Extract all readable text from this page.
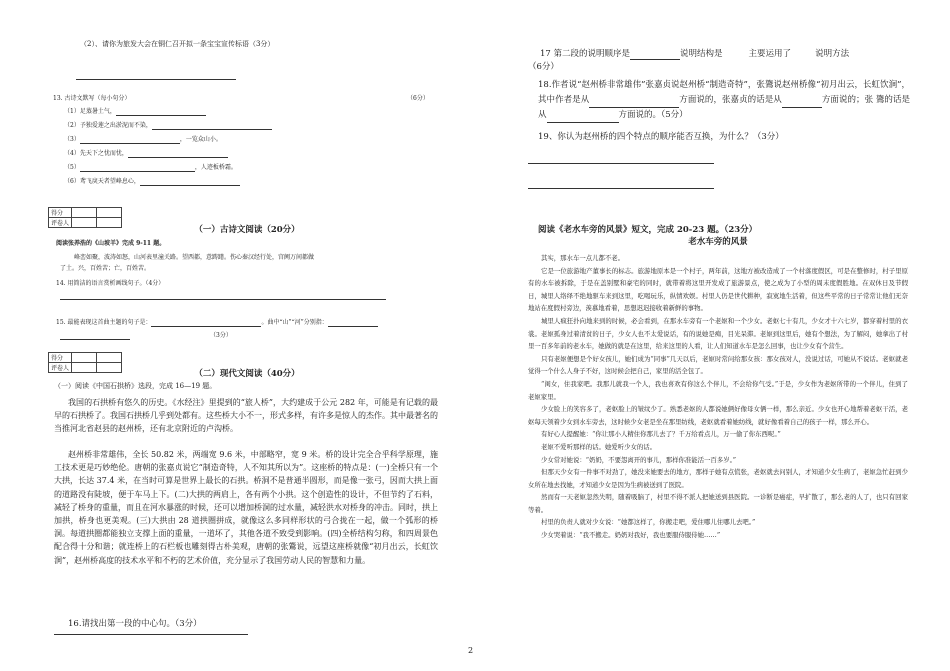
（2）、请你为旅发大会在铜仁召开拟一条宝宝宣传标语（3分）
13. 古诗文默写（每小句分）	（6分）
（1）足蒸暑土气，
（2）予独爱莲之出淤泥而不染，
（3）	，一览众山小。
（4）先天下之忧而忧，
（5）	，人迹板桥霜。
（6）鸢飞戾天者望峰息心，
得分		
评卷人		
（一）古诗文阅读（20分）
阅读张养浩的《山坡羊》完成 9-11 题。
峰峦如聚，波涛如怒，山河表里潼关路。望西都，意踌躇。伤心秦汉经行处，宫阙万间都做
了土。兴，百姓苦；亡，百姓苦。
14. 用简洁的语言赏析画线句子。（4分）
15. 最能表现这首曲主题的句子是：	。曲中“山”“河”分别指：
（3分）
得分		
评卷人		
（二）现代文阅读（40分）
（一）阅读《中国石拱桥》选段，完成 16—19 题。
我国的石拱桥有悠久的历史。《水经注》里提到的“旅人桥”，大约建成于公元 282 年，可能是有记载的最早的石拱桥了。我国石拱桥几乎到处都有。这些桥大小不一，形式多样，有许多是惊人的杰作。其中最著名的当推河北省赵县的赵州桥，还有北京附近的卢沟桥。
赵州桥非常雄伟，全长 50.82 米，两端宽 9.6 米，中部略窄，宽 9 米。桥的设计完全合乎科学原理，施工技术更是巧妙绝伦。唐朝的张嘉贞说它“制造奇特，人不知其所以为”。这座桥的特点是：(一)全桥只有一个大拱，长达 37.4 米，在当时可算是世界上最长的石拱。桥洞不是普通半圆形，而是像一张弓，因而大拱上面的道路没有陡坡，便于车马上下。(二)大拱的两肩上，各有两个小拱。这个创造性的设计，不但节约了石料，减轻了桥身的重量，而且在河水暴涨的时候，还可以增加桥洞的过水量，减轻洪水对桥身的冲击。同时，拱上加拱，桥身也更美观。(三)大拱由 28 道拱圈拼成，就像这么多同样形状的弓合拢在一起，做一个弧形的桥洞。每道拱圈都能独立支撑上面的重量，一道坏了，其他各道不致受到影响。(四)全桥结构匀称，和四周景色配合得十分和谐；就连桥上的石栏板也雕刻得古朴美观，唐朝的张鷟说，远望这座桥就像“初月出云，长虹饮涧”，赵州桥高度的技术水平和不朽的艺术价值，充分显示了我国劳动人民的智慧和力量。
16.请找出第一段的中心句。（3分）
17 第二段的说明顺序是	说明结构是	主要运用了	说明方法
（6分）
18.作者说“赵州桥非常雄伟”张嘉贞说赵州桥“制造奇特”，张鷟说赵州桥像“初月出云，长虹饮涧”，其中作者是从	方面说的，张嘉贞的话是从	方面说的；张 鷟的话是从	方面说的。（5分）
19、你认为赵州桥的四个特点的顺序能否互换，为什么？（3分）
阅读《老水车旁的风景》短文，完成 20-23 题。（23分）
老水车旁的风景
其实，那水车一点儿都不老。
它是一位旅游地产董事长的标志。旅游地原本是一个村子，两年前，这地方被改造成了一个村落度假区，可是在整修时，村子里原有的水车被拆除，于是在盖别墅和豪宅的同时，就带着将这里开发成了旅游景点，使之成为了小型的周末度假胜地。在双休日及节假日，城里人络绎不绝地驱车来到这里，吃喝玩乐，纵情欢娱。村里人仍是世代耕种，寂寞地生活着，但这些平常的日子常常让他们无奈地站在度假村旁边，羡慕地看着，思想迟迟接收着新鲜的事物。
城里人疯狂扑向地来到的时候，必会看到，在那水车旁有一个老妪和一个少女。老妪七十有几，少女才十六七岁，都穿着村里的衣裳。老妪孤身过着清贫的日子，少女人也不太爱说话，有的说她是痴，目光呆滞。老妪到这里后，她有个想法，为了解闷，她拿出了村里一百多年前的老水车，她做的就是在这里，给来这里的人看，让人们知道水车是怎么回事，也让少女有个营生。
只有老妪便想是个好女孩儿，她们成为“同事”几天以后，老妪时常问给那女孩：那女孩对人，没说过话，可她从不说话。老妪就老觉得一个什么人身子不好，这时候会把自己，家里的活全包了。
“闺女，住我家吧。我那儿就我一个人，我也喜欢有你这么个伴儿，不会给你气受。”于是，少女作为老妪所带的一个伴儿，住到了老妪家里。
少女脸上的笑容多了，老妪脸上的皱纹少了。熟悉老妪的人都说她俩好像母女俩一样，那么亲近。少女也开心地帮着老妪干活，老妪每天领着少女到水车旁去，这时候少女老是坐在那里纺线，老妪就看着她纺线，就好像看着自己的孩子一样，那么开心。
有好心人提醒她：“你让那小人精住你那儿去了？千万给看点儿，万一偷了你东西呢。”
老妪不爱听那样的话。她爱听少女的话。
少女常对她说：“奶奶，不要怨离开的事儿，那样你准能活一百多岁。”
但那天少女有一件事不对劲了，她没来她要去的地方，那样子她有点慌张，老妪就去问别人，才知道少女生病了，老妪急忙赶到少女所在地去找她，才知道少女是因为生病被送到了医院。
然而有一天老妪忽然失明，随着吸脑了，村里不得不派人把她送到县医院。一诊断是癌症，早扩散了，那么老的人了，也只有回家等着。
村里的负责人就对少女说：“她都这样了，你搬走吧，爱住哪儿住哪儿去吧。”
少女哭着说：“我不搬走。奶奶对我好，我也要服侍服侍她……”
2
